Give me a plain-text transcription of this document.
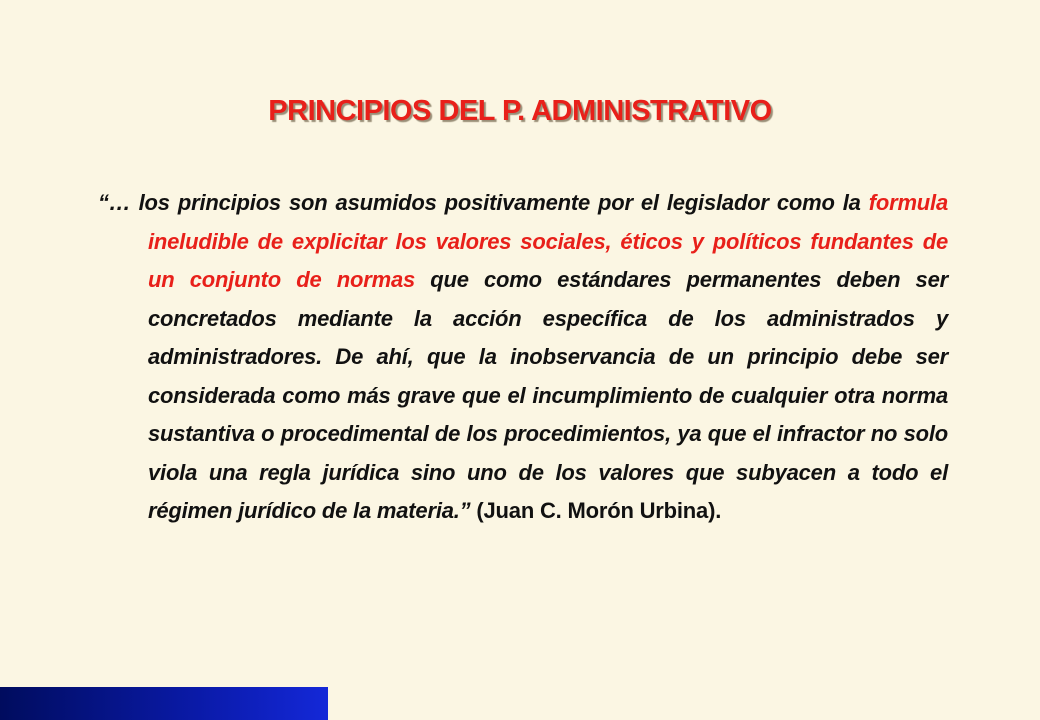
PRINCIPIOS DEL P. ADMINISTRATIVO

“… los principios son asumidos positivamente por el legislador como la formula ineludible de explicitar los valores sociales, éticos y políticos fundantes de un conjunto de normas que como estándares permanentes deben ser concretados mediante la acción específica de los administrados y administradores. De ahí, que la inobservancia de un principio debe ser considerada como más grave que el incumplimiento de cualquier otra norma sustantiva o procedimental de los procedimientos, ya que el infractor no solo viola una regla jurídica sino uno de los valores que subyacen a todo el régimen jurídico de la materia.” (Juan C. Morón Urbina).
